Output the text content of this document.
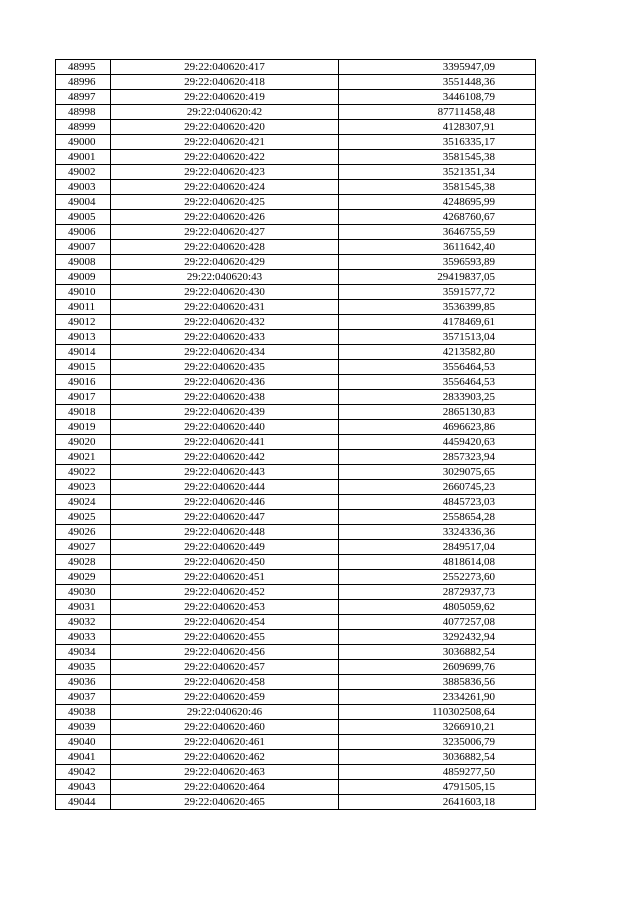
48995	29:22:040620:417	3395947,09
48996	29:22:040620:418	3551448,36
48997	29:22:040620:419	3446108,79
48998	29:22:040620:42	87711458,48
48999	29:22:040620:420	4128307,91
49000	29:22:040620:421	3516335,17
49001	29:22:040620:422	3581545,38
49002	29:22:040620:423	3521351,34
49003	29:22:040620:424	3581545,38
49004	29:22:040620:425	4248695,99
49005	29:22:040620:426	4268760,67
49006	29:22:040620:427	3646755,59
49007	29:22:040620:428	3611642,40
49008	29:22:040620:429	3596593,89
49009	29:22:040620:43	29419837,05
49010	29:22:040620:430	3591577,72
49011	29:22:040620:431	3536399,85
49012	29:22:040620:432	4178469,61
49013	29:22:040620:433	3571513,04
49014	29:22:040620:434	4213582,80
49015	29:22:040620:435	3556464,53
49016	29:22:040620:436	3556464,53
49017	29:22:040620:438	2833903,25
49018	29:22:040620:439	2865130,83
49019	29:22:040620:440	4696623,86
49020	29:22:040620:441	4459420,63
49021	29:22:040620:442	2857323,94
49022	29:22:040620:443	3029075,65
49023	29:22:040620:444	2660745,23
49024	29:22:040620:446	4845723,03
49025	29:22:040620:447	2558654,28
49026	29:22:040620:448	3324336,36
49027	29:22:040620:449	2849517,04
49028	29:22:040620:450	4818614,08
49029	29:22:040620:451	2552273,60
49030	29:22:040620:452	2872937,73
49031	29:22:040620:453	4805059,62
49032	29:22:040620:454	4077257,08
49033	29:22:040620:455	3292432,94
49034	29:22:040620:456	3036882,54
49035	29:22:040620:457	2609699,76
49036	29:22:040620:458	3885836,56
49037	29:22:040620:459	2334261,90
49038	29:22:040620:46	110302508,64
49039	29:22:040620:460	3266910,21
49040	29:22:040620:461	3235006,79
49041	29:22:040620:462	3036882,54
49042	29:22:040620:463	4859277,50
49043	29:22:040620:464	4791505,15
49044	29:22:040620:465	2641603,18
